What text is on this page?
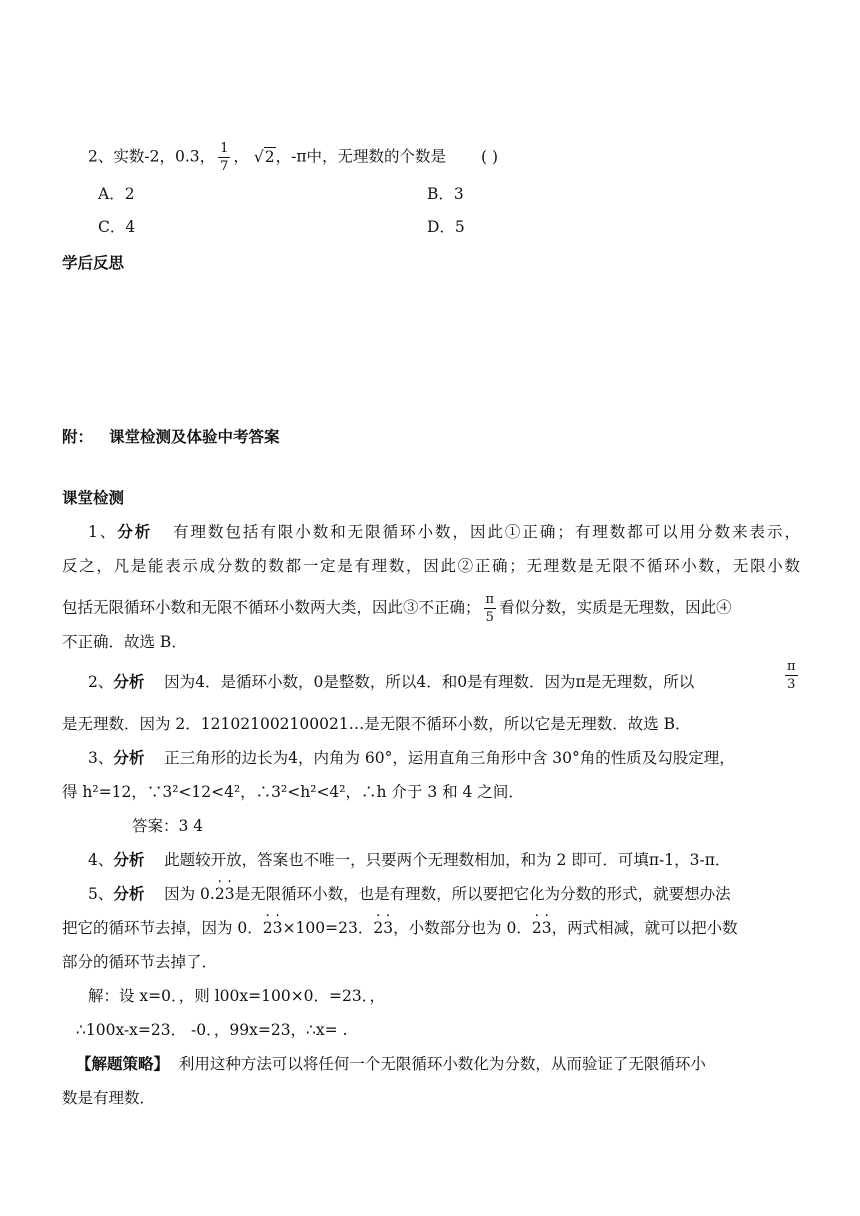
2、实数-2，0.3， $\frac{1}{7}$ ， √2，-π中，无理数的个数是 ( )
A．2	B．3
C．4	D．5
学后反思
附： 课堂检测及体验中考答案
课堂检测
1、分析 有理数包括有限小数和无限循环小数，因此①正确；有理数都可以用分数来表示，
反之，凡是能表示成分数的数都一定是有理数，因此②正确；无理数是无限不循环小数，无限小数
包括无限循环小数和无限不循环小数两大类，因此③不正确； $\frac{\pi}{5}$ 看似分数，实质是无理数，因此④
不正确．故选 B．
2、分析 因为4．是循环小数，0是整数，所以4．和0是有理数．因为π是无理数，所以	$\frac{\pi}{3}$
是无理数．因为 2．121021002100021…是无限不循环小数，所以它是无理数．故选 B．
3、分析 正三角形的边长为4，内角为 60°，运用直角三角形中含 30°角的性质及勾股定理，
得 h²=12，∵3²<12<4²，∴3²<h²<4²，∴h 介于 3 和 4 之间．
答案：3 4
4、分析 此题较开放，答案也不唯一，只要两个无理数相加，和为 2 即可．可填π-1，3-π．
5、分析 因为 0.· 2· 3是无限循环小数，也是有理数，所以要把它化为分数的形式，就要想办法
把它的循环节去掉，因为 0．· 2· 3×100=23．· 2· 3，小数部分也为 0．· 2· 3，两式相减，就可以把小数
部分的循环节去掉了．
解：设 x=0．，则 l00x=100×0．=23．，
∴100x-x=23． -0．，99x=23，∴x= .
【解题策略】 利用这种方法可以将任何一个无限循环小数化为分数，从而验证了无限循环小
数是有理数．
